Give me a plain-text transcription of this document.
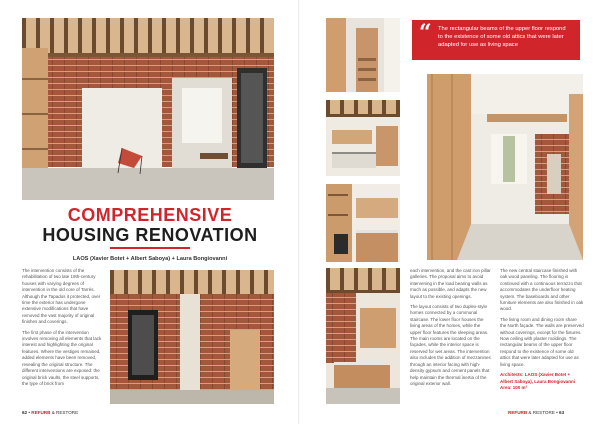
COMPREHENSIVE
HOUSING RENOVATION
LAOS (Xavier Botet + Albert Saboya) + Laura Bongiovanni

The intervention consists of the rehabilitation of two late 19th-century houses with varying degrees of intervention in the old core of Tarrés. Although the Tapados it protected, over time the exterior has undergone extensive modifications that have removed the vast majority of original finishes and coverings.

The first phase of the intervention involves removing all elements that lack interest and highlighting the original features. Where the vestiges remained, added elements have been removed, revealing the original structure. The different interventions are exposed: the original brick vaults, the steel supports, the type of brick from

62 • REFURB & RESTORE
“ The rectangular beams of the upper floor respond to the existence of some old attics that were later adapted for use as living space

each intervention, and the cast iron pillar galleries. The proposal aims to avoid intervening in the load bearing walls as much as possible, and adapts the new layout to the existing openings.

The layout consists of two duplex-style homes connected by a communal staircase. The lower floor houses the living areas of the homes, while the upper floor features the sleeping areas. The main rooms are located on the façades, while the interior space is reserved for wet areas. The intervention also includes the addition of mezzanines through an interior facing with high-density gypsum and cement panels that help maintain the thermal inertia of the original exterior wall.

The new central staircase finished with oak wood paneling. The flooring is continued with a continuous terrazzo that accommodates the underfloor heating system. The baseboards and other furniture elements are also finished in oak wood.

The living room and dining room share the North façade. The walls are preserved without coverings, except for the fixtures. Now ceiling with plaster moldings. The rectangular beams of the upper floor respond to the existence of some old attics that were later adapted for use as living space.

Architects: LAOS (Xavier Botet +
Albert Saboya), Laura Bongiovanni
Area: 100 m²
REFURB & RESTORE • 63
